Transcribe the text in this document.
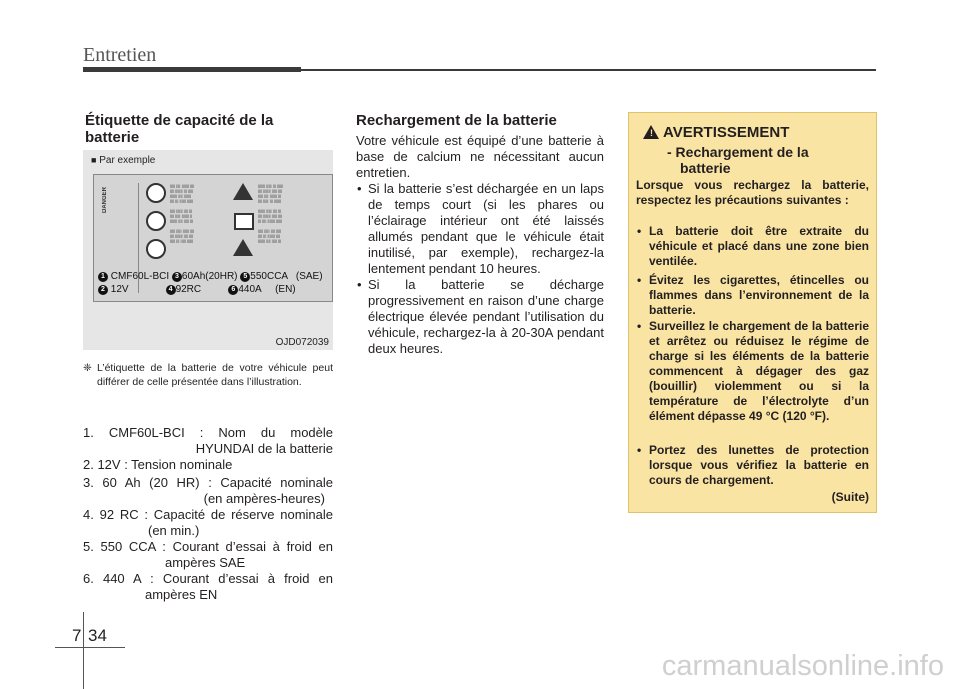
Entretien
Étiquette de capacité de la batterie
■ Par exemple
DANGER
||||| |||| ||||||| ||||
|||| ||||||| ||| |||||
||||||| |||| |||||||
|||| ||| |||||| ||||||

||||| |||||| |||| |||
|||| ||||| ||||||| ||
||||||| |||| ||||| |||

||||| ||||| |||||| ||||
|||| ||||||| |||| ||||
||||| ||| ||||| ||||||
||||||| ||||| ||| ||||||
|||| ||||||| ||||| ||||
||||| |||| ||||||| |||
|||| ||||| ||| |||||||

||||||| ||||| |||| |||
|||| ||||||| ||||| ||||
||| |||| ||||||| ||||||

||||| ||||| |||| |||||
|||| ||| ||||||| ||||
||||||| |||| ||||| |||
1 CMF60L-BCI 3 60Ah(20HR) 5 550CCA (SAE)
2 12V	4 92RC	6 440A (EN)
OJD072039
❈ L’étiquette de la batterie de votre véhicule peut différer de celle présentée dans l’illustration.
1. CMF60L-BCI : Nom du modèle
HYUNDAI de la batterie
2. 12V : Tension nominale
3. 60 Ah (20 HR) : Capacité nominale
(en ampères-heures)
4. 92 RC : Capacité de réserve nominale
(en min.)
5. 550 CCA : Courant d’essai à froid en
ampères SAE
6. 440 A : Courant d’essai à froid en
ampères EN
Rechargement de la batterie
Votre véhicule est équipé d’une batterie à base de calcium ne nécessitant aucun entretien.
• Si la batterie s’est déchargée en un laps de temps court (si les phares ou l’éclairage intérieur ont été laissés allumés pendant que le véhicule était inutilisé, par exemple), rechargez-la lentement pendant 10 heures.
• Si la batterie se décharge progressivement en raison d’une charge électrique élevée pendant l’utilisation du véhicule, rechargez-la à 20-30A pendant deux heures.
! AVERTISSEMENT
- Rechargement de la
batterie
Lorsque vous rechargez la batterie, respectez les précautions suivantes :
• La batterie doit être extraite du véhicule et placé dans une zone bien ventilée.
• Évitez les cigarettes, étincelles ou flammes dans l’environnement de la batterie.
• Surveillez le chargement de la batterie et arrêtez ou réduisez le régime de charge si les éléments de la batterie commencent à dégager des gaz (bouillir) violemment ou si la température de l’électrolyte d’un élément dépasse 49 °C (120 °F).
• Portez des lunettes de protection lorsque vous vérifiez la batterie en cours de chargement.
(Suite)
7 34
carmanualsonline.info
